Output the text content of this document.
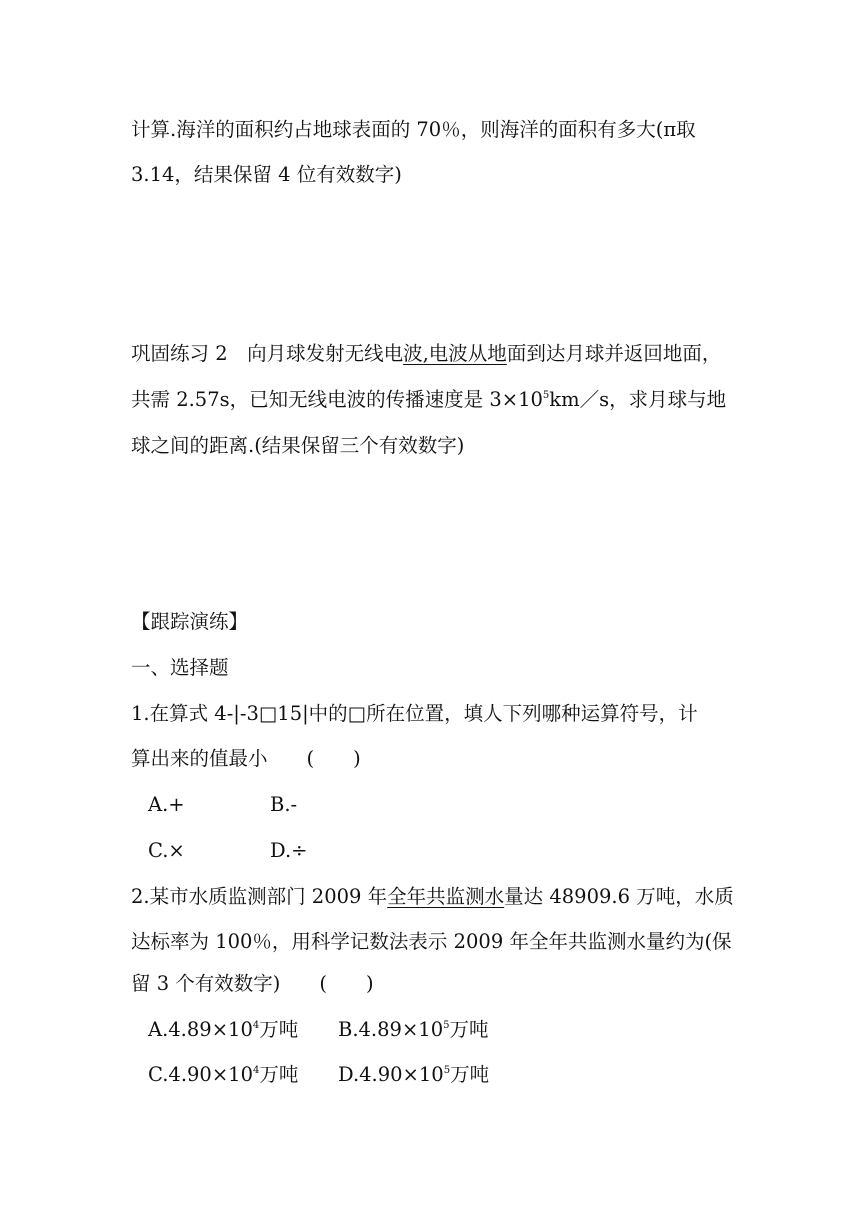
计算.海洋的面积约占地球表面的 70％，则海洋的面积有多大(π取
3.14，结果保留 4 位有效数字)
巩固练习 2　向月球发射无线电波,电波从地面到达月球并返回地面，
共需 2.57s，已知无线电波的传播速度是 $3\times 10^5km/s$，求月球与地
球之间的距离.(结果保留三个有效数字)
【跟踪演练】
一、选择题
1.在算式 4-|-3□15|中的□所在位置，填人下列哪种运算符号，计
算出来的值最小　　(　　)
A.+	B.-
C.×	D.÷
2.某市水质监测部门 2009 年全年共监测水量达 48909.6 万吨，水质
达标率为 100％，用科学记数法表示 2009 年全年共监测水量约为(保
留 3 个有效数字)　　(　　)
$A.4.89\times 10^4$万吨 $B.4.89\times 10^5$万吨
$C.4.90\times 10^4$万吨 $D.4.90\times 10^5$万吨
